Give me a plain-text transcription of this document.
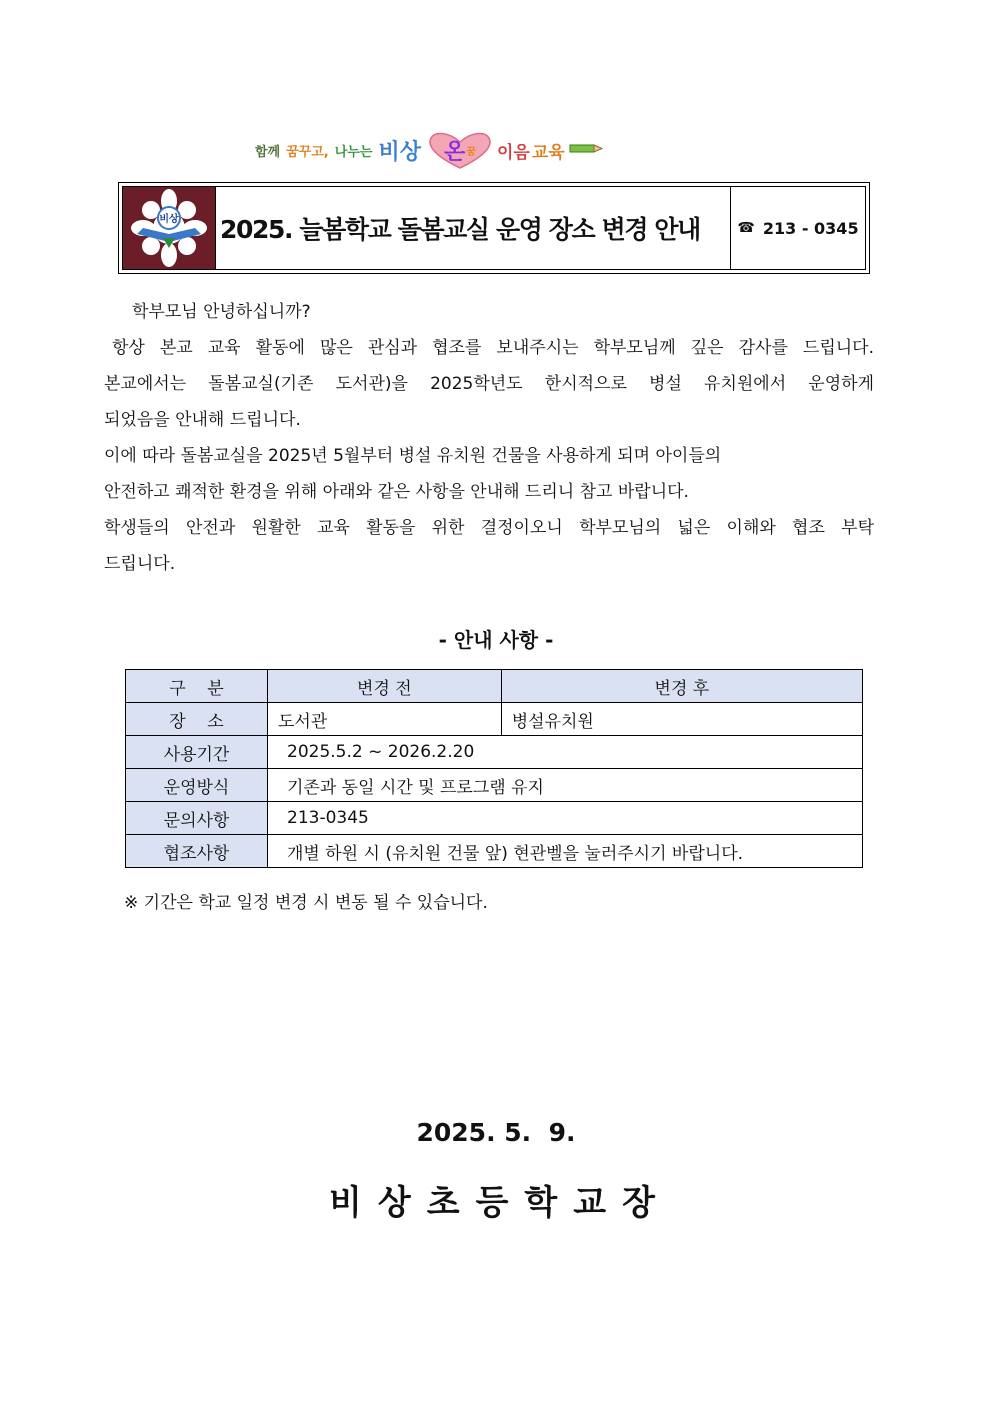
함께 꿈꾸고, 나누는 비상 온 꿈 이음 교육
비상 2025. 늘봄학교 돌봄교실 운영 장소 변경 안내	☎ 213 - 0345

학부모님 안녕하십니까?

항상 본교 교육 활동에 많은 관심과 협조를 보내주시는 학부모님께 깊은 감사를 드립니다.

본교에서는 돌봄교실(기존 도서관)을 2025학년도 한시적으로 병설 유치원에서 운영하게

되었음을 안내해 드립니다.

이에 따라 돌봄교실을 2025년 5월부터 병설 유치원 건물을 사용하게 되며 아이들의

안전하고 쾌적한 환경을 위해 아래와 같은 사항을 안내해 드리니 참고 바랍니다.

학생들의 안전과 원활한 교육 활동을 위한 결정이오니 학부모님의 넓은 이해와 협조 부탁

드립니다.

- 안내 사항 -
구    분	변경 전	변경 후
장    소	도서관	병설유치원
사용기간	2025.5.2 ~ 2026.2.20	
운영방식	기존과 동일 시간 및 프로그램 유지	
문의사항	213-0345	
협조사항	개별 하원 시 (유치원 건물 앞) 현관벨을 눌러주시기 바랍니다.	
※ 기간은 학교 일정 변경 시 변동 될 수 있습니다.
2025. 5.  9.
비상초등학교장
